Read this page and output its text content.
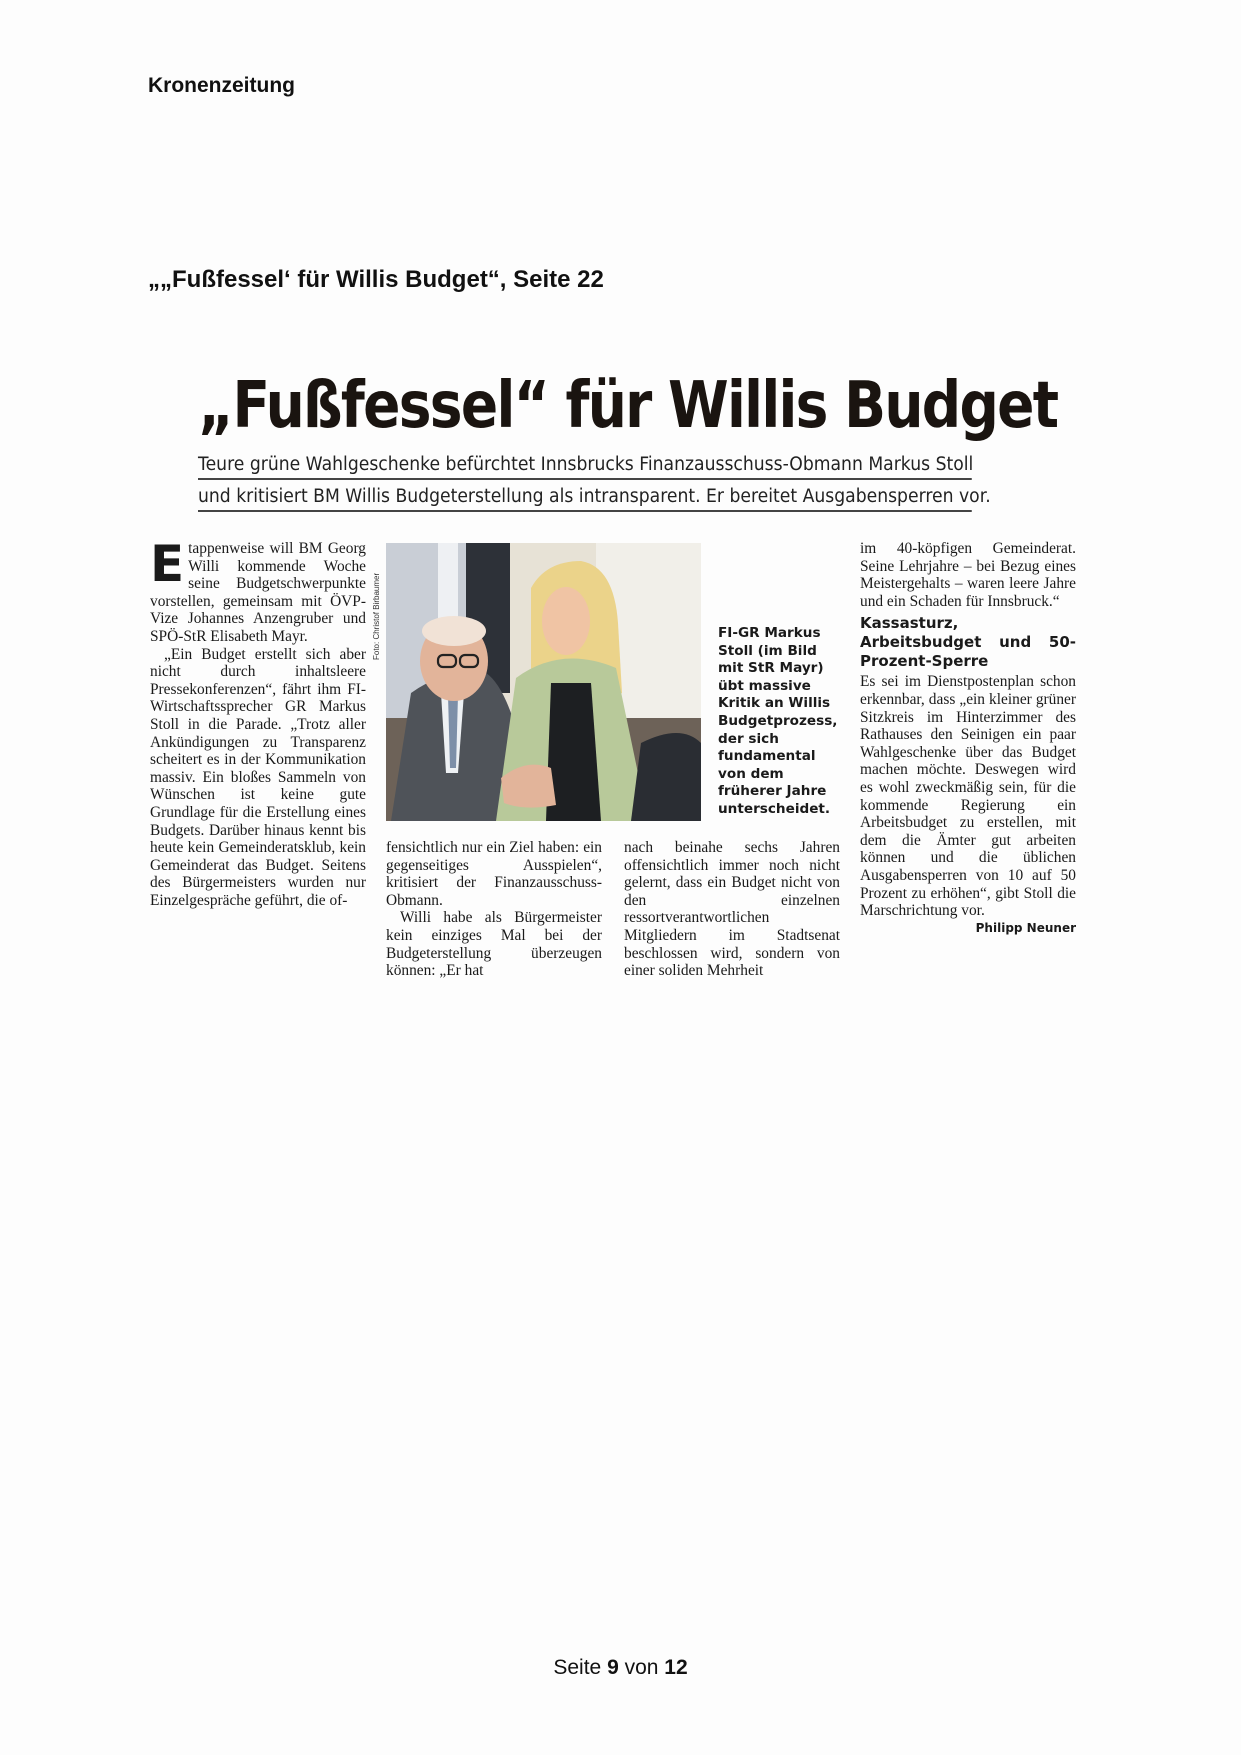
Kronenzeitung
„„Fußfessel‘ für Willis Budget“, Seite 22
„Fußfessel“ für Willis Budget
Teure grüne Wahlgeschenke befürchtet Innsbrucks Finanzausschuss-Obmann Markus Stoll
und kritisiert BM Willis Budgeterstellung als intransparent. Er bereitet Ausgabensperren vor.
E tappenweise will BM Georg Willi kommende Woche seine Budgetschwerpunkte vorstellen, gemeinsam mit ÖVP-Vize Johannes Anzengruber und SPÖ-StR Elisabeth Mayr.

„Ein Budget erstellt sich aber nicht durch inhaltsleere Pressekonferenzen“, fährt ihm FI-Wirtschaftssprecher GR Markus Stoll in die Parade. „Trotz aller Ankündigungen zu Transparenz scheitert es in der Kommunikation massiv. Ein bloßes Sammeln von Wünschen ist keine gute Grundlage für die Erstellung eines Budgets. Darüber hinaus kennt bis heute kein Gemeinderatsklub, kein Gemeinderat das Budget. Seitens des Bürgermeisters wurden nur Einzelgespräche geführt, die of-

Foto: Christof Birbaumer	FI-GR Markus Stoll (im Bild mit StR Mayr) übt massive Kritik an Willis Budgetprozess, der sich fundamental von dem früherer Jahre unterscheidet.

fensichtlich nur ein Ziel haben: ein gegenseitiges Ausspielen“, kritisiert der Finanzausschuss-Obmann.

Willi habe als Bürgermeister kein einziges Mal bei der Budgeterstellung überzeugen können: „Er hat

nach beinahe sechs Jahren offensichtlich immer noch nicht gelernt, dass ein Budget nicht von den einzelnen ressortverantwortlichen Mitgliedern im Stadtsenat beschlossen wird, sondern von einer soliden Mehrheit

im 40-köpfigen Gemeinderat. Seine Lehrjahre – bei Bezug eines Meistergehalts – waren leere Jahre und ein Schaden für Innsbruck.“

Kassasturz, Arbeitsbudget und 50-Prozent-Sperre

Es sei im Dienstpostenplan schon erkennbar, dass „ein kleiner grüner Sitzkreis im Hinterzimmer des Rathauses den Seinigen ein paar Wahlgeschenke über das Budget machen möchte. Deswegen wird es wohl zweckmäßig sein, für die kommende Regierung ein Arbeitsbudget zu erstellen, mit dem die Ämter gut arbeiten können und die üblichen Ausgabensperren von 10 auf 50 Prozent zu erhöhen“, gibt Stoll die Marschrichtung vor.
Philipp Neuner

Seite 9 von 12
